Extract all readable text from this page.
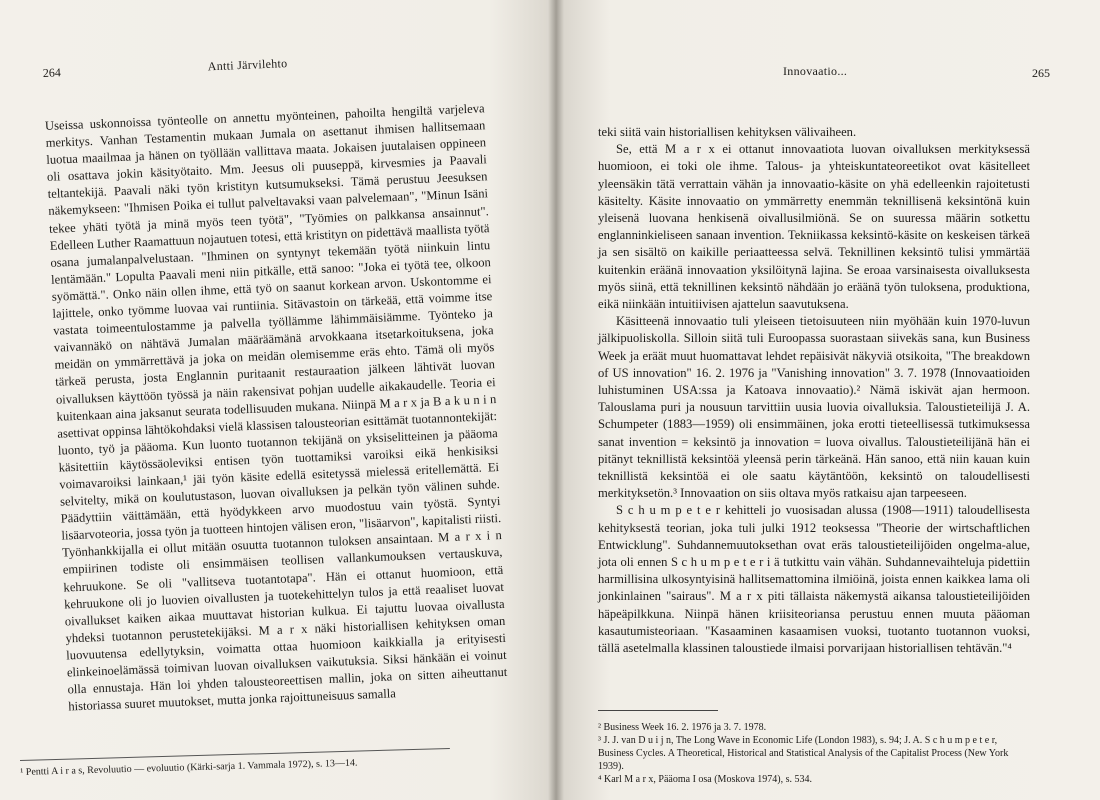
264	Antti Järvilehto

Useissa uskonnoissa työnteolle on annettu myönteinen, pahoilta hengiltä varjeleva merkitys. Vanhan Testamentin mukaan Jumala on asettanut ihmisen hallitsemaan luotua maailmaa ja hänen on työllään vallittava maata. Jokaisen juutalaisen oppineen oli osattava jokin käsityötaito. Mm. Jeesus oli puuseppä, kirvesmies ja Paavali teltantekijä. Paavali näki työn kristityn kutsumukseksi. Tämä perustuu Jeesuksen näkemykseen: "Ihmisen Poika ei tullut palveltavaksi vaan palvelemaan", "Minun Isäni tekee yhäti työtä ja minä myös teen työtä", "Työmies on palkkansa ansainnut". Edelleen Luther Raamattuun nojautuen totesi, että kristityn on pidettävä maallista työtä osana jumalanpalvelustaan. "Ihminen on syntynyt tekemään työtä niinkuin lintu lentämään." Lopulta Paavali meni niin pitkälle, että sanoo: "Joka ei työtä tee, olkoon syömättä.". Onko näin ollen ihme, että työ on saanut korkean arvon. Uskontomme ei lajittele, onko työmme luovaa vai runtiinia. Sitävastoin on tärkeää, että voimme itse vastata toimeentulostamme ja palvella työllämme lähimmäisiämme. Työnteko ja vaivannäkö on nähtävä Jumalan määräämänä arvokkaana itsetarkoituksena, joka meidän on ymmärrettävä ja joka on meidän olemisemme eräs ehto. Tämä oli myös tärkeä perusta, josta Englannin puritaanit restauraation jälkeen lähtivät luovan oivalluksen käyttöön työssä ja näin rakensivat pohjan uudelle aikakaudelle. Teoria ei kuitenkaan aina jaksanut seurata todellisuuden mukana. Niinpä M a r x ja B a k u n i n asettivat oppinsa lähtökohdaksi vielä klassisen talousteorian esittämät tuotannontekijät: luonto, työ ja pääoma. Kun luonto tuotannon tekijänä on yksiselitteinen ja pääoma käsitettiin käytössäoleviksi entisen työn tuottamiksi varoiksi eikä henkisiksi voimavaroiksi lainkaan,¹ jäi työn käsite edellä esitetyssä mielessä eritellemättä. Ei selvitelty, mikä on koulutustason, luovan oivalluksen ja pelkän työn välinen suhde. Päädyttiin väittämään, että hyödykkeen arvo muodostuu vain työstä. Syntyi lisäarvoteoria, jossa työn ja tuotteen hintojen välisen eron, "lisäarvon", kapitalisti riisti. Työnhankkijalla ei ollut mitään osuutta tuotannon tuloksen ansaintaan. M a r x i n empiirinen todiste oli ensimmäisen teollisen vallankumouksen vertauskuva, kehruukone. Se oli "vallitseva tuotantotapa". Hän ei ottanut huomioon, että kehruukone oli jo luovien oivallusten ja tuotekehittelyn tulos ja että reaaliset luovat oivallukset kaiken aikaa muuttavat historian kulkua. Ei tajuttu luovaa oivallusta yhdeksi tuotannon perustetekijäksi. M a r x näki historiallisen kehityksen oman luovuutensa edellytyksin, voimatta ottaa huomioon kaikkialla ja erityisesti elinkeinoelämässä toimivan luovan oivalluksen vaikutuksia. Siksi hänkään ei voinut olla ennustaja. Hän loi yhden talousteoreettisen mallin, joka on sitten aiheuttanut historiassa suuret muutokset, mutta jonka rajoittuneisuus samalla

¹ Pentti A i r a s, Revoluutio — evoluutio (Kärki-sarja 1. Vammala 1972), s. 13—14.
Innovaatio...	265

teki siitä vain historiallisen kehityksen välivaiheen.

Se, että M a r x ei ottanut innovaatiota luovan oivalluksen merkityksessä huomioon, ei toki ole ihme. Talous- ja yhteiskuntateoreetikot ovat käsitelleet yleensäkin tätä verrattain vähän ja innovaatio-käsite on yhä edelleenkin rajoitetusti käsitelty. Käsite innovaatio on ymmärretty enemmän teknillisenä keksintönä kuin yleisenä luovana henkisenä oivallusilmiönä. Se on suuressa määrin sotkettu englanninkieliseen sanaan invention. Tekniikassa keksintö-käsite on keskeisen tärkeä ja sen sisältö on kaikille periaatteessa selvä. Teknillinen keksintö tulisi ymmärtää kuitenkin eräänä innovaation yksilöitynä lajina. Se eroaa varsinaisesta oivalluksesta myös siinä, että teknillinen keksintö nähdään jo eräänä työn tuloksena, produktiona, eikä niinkään intuitiivisen ajattelun saavutuksena.

Käsitteenä innovaatio tuli yleiseen tietoisuuteen niin myöhään kuin 1970-luvun jälkipuoliskolla. Silloin siitä tuli Euroopassa suorastaan siivekäs sana, kun Business Week ja eräät muut huomattavat lehdet repäisivät näkyviä otsikoita, "The breakdown of US innovation" 16. 2. 1976 ja "Vanishing innovation" 3. 7. 1978 (Innovaatioiden luhistuminen USA:ssa ja Katoava innovaatio).² Nämä iskivät ajan hermoon. Talouslama puri ja nousuun tarvittiin uusia luovia oivalluksia. Taloustieteilijä J. A. Schumpeter (1883—1959) oli ensimmäinen, joka erotti tieteellisessä tutkimuksessa sanat invention = keksintö ja innovation = luova oivallus. Taloustieteilijänä hän ei pitänyt teknillistä keksintöä yleensä perin tärkeänä. Hän sanoo, että niin kauan kuin teknillistä keksintöä ei ole saatu käytäntöön, keksintö on taloudellisesti merkityksetön.³ Innovaation on siis oltava myös ratkaisu ajan tarpeeseen.

S c h u m p e t e r kehitteli jo vuosisadan alussa (1908—1911) taloudellisesta kehityksestä teorian, joka tuli julki 1912 teoksessa "Theorie der wirtschaftlichen Entwicklung". Suhdannemuutoksethan ovat eräs taloustieteilijöiden ongelma-alue, jota oli ennen S c h u m p e t e r i ä tutkittu vain vähän. Suhdannevaihteluja pidettiin harmillisina ulkosyntyisinä hallitsemattomina ilmiöinä, joista ennen kaikkea lama oli jonkinlainen "sairaus". M a r x piti tällaista näkemystä aikansa taloustieteilijöiden häpeäpilkkuna. Niinpä hänen kriisiteoriansa perustuu ennen muuta pääoman kasautumisteoriaan. "Kasaaminen kasaamisen vuoksi, tuotanto tuotannon vuoksi, tällä asetelmalla klassinen taloustiede ilmaisi porvarijaan historiallisen tehtävän."⁴

² Business Week 16. 2. 1976 ja 3. 7. 1978.

³ J. J. van D u i j n, The Long Wave in Economic Life (London 1983), s. 94; J. A. S c h u m p e t e r, Business Cycles. A Theoretical, Historical and Statistical Analysis of the Capitalist Process (New York 1939).

⁴ Karl M a r x, Pääoma I osa (Moskova 1974), s. 534.
